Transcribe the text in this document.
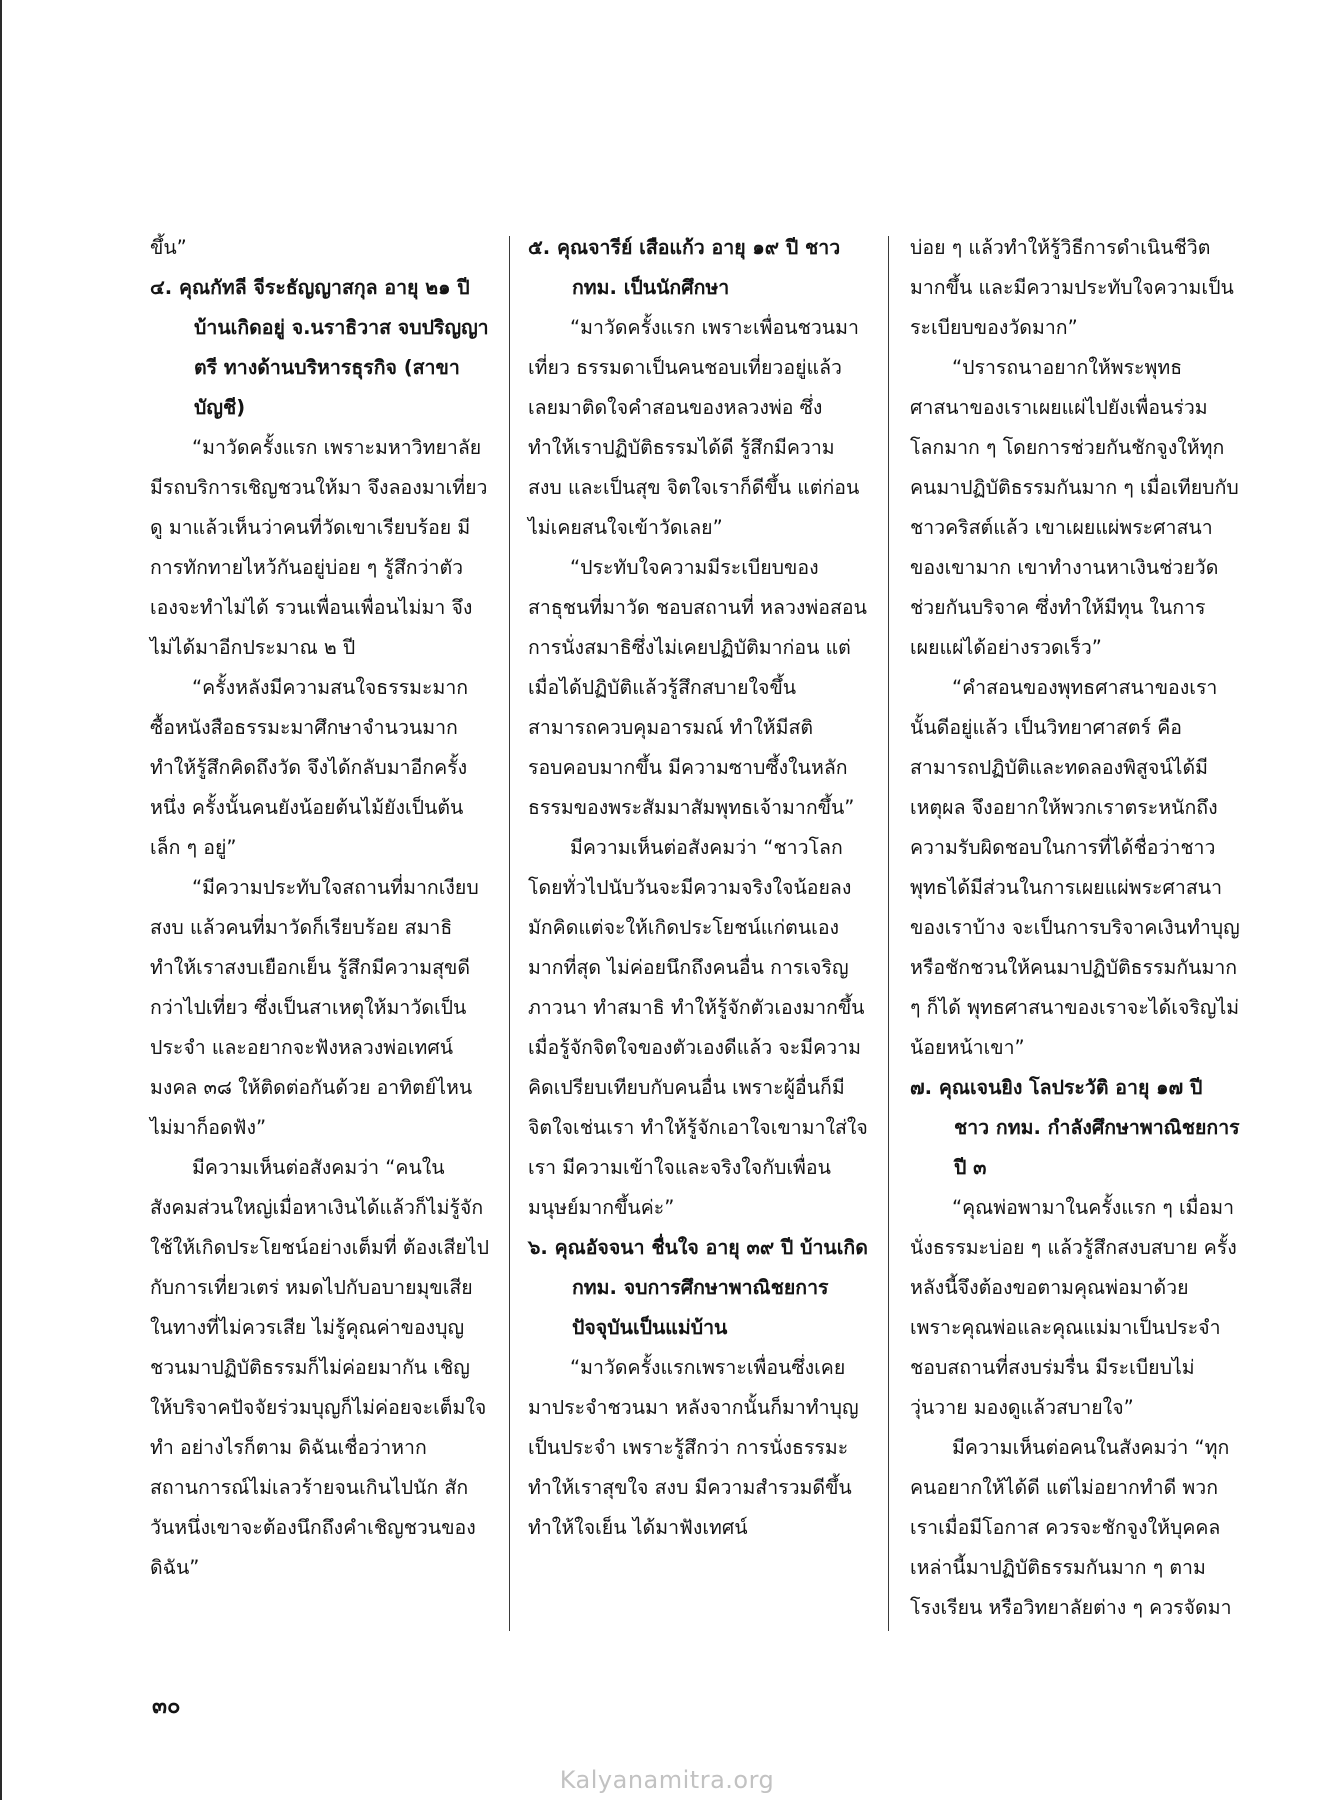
ขึ้น”

๔. คุณกัทลี จีระธัญญาสกุล อายุ ๒๑ ปี บ้านเกิดอยู่ จ.นราธิวาส จบปริญญาตรี ทางด้านบริหารธุรกิจ (สาขาบัญชี)

“มาวัดครั้งแรก เพราะมหาวิทยาลัยมีรถบริการเชิญชวนให้มา จึงลองมาเที่ยวดู มาแล้วเห็นว่าคนที่วัดเขาเรียบร้อย มีการทักทายไหว้กันอยู่บ่อย ๆ รู้สึกว่าตัวเองจะทำไม่ได้ รวนเพื่อนเพื่อนไม่มา จึงไม่ได้มาอีกประมาณ ๒ ปี

“ครั้งหลังมีความสนใจธรรมะมาก ซื้อหนังสือธรรมะมาศึกษาจำนวนมาก ทำให้รู้สึกคิดถึงวัด จึงได้กลับมาอีกครั้งหนึ่ง ครั้งนั้นคนยังน้อยต้นไม้ยังเป็นต้นเล็ก ๆ อยู่”

“มีความประทับใจสถานที่มากเงียบสงบ แล้วคนที่มาวัดก็เรียบร้อย สมาธิทำให้เราสงบเยือกเย็น รู้สึกมีความสุขดีกว่าไปเที่ยว ซึ่งเป็นสาเหตุให้มาวัดเป็นประจำ และอยากจะฟังหลวงพ่อเทศน์มงคล ๓๘ ให้ติดต่อกันด้วย อาทิตย์ไหนไม่มาก็อดฟัง”

มีความเห็นต่อสังคมว่า “คนในสังคมส่วนใหญ่เมื่อหาเงินได้แล้วก็ไม่รู้จักใช้ให้เกิดประโยชน์อย่างเต็มที่ ต้องเสียไปกับการเที่ยวเตร่ หมดไปกับอบายมุขเสียในทางที่ไม่ควรเสีย ไม่รู้คุณค่าของบุญ ชวนมาปฏิบัติธรรมก็ไม่ค่อยมากัน เชิญให้บริจาคปัจจัยร่วมบุญก็ไม่ค่อยจะเต็มใจทำ อย่างไรก็ตาม ดิฉันเชื่อว่าหากสถานการณ์ไม่เลวร้ายจนเกินไปนัก สักวันหนึ่งเขาจะต้องนึกถึงคำเชิญชวนของดิฉัน”

๕. คุณจารีย์ เสือแก้ว อายุ ๑๙ ปี ชาว กทม. เป็นนักศึกษา

“มาวัดครั้งแรก เพราะเพื่อนชวนมาเที่ยว ธรรมดาเป็นคนชอบเที่ยวอยู่แล้ว เลยมาติดใจคำสอนของหลวงพ่อ ซึ่งทำให้เราปฏิบัติธรรมได้ดี รู้สึกมีความสงบ และเป็นสุข จิตใจเราก็ดีขึ้น แต่ก่อนไม่เคยสนใจเข้าวัดเลย”

“ประทับใจความมีระเบียบของสาธุชนที่มาวัด ชอบสถานที่ หลวงพ่อสอนการนั่งสมาธิซึ่งไม่เคยปฏิบัติมาก่อน แต่เมื่อได้ปฏิบัติแล้วรู้สึกสบายใจขึ้น สามารถควบคุมอารมณ์ ทำให้มีสติรอบคอบมากขึ้น มีความซาบซึ้งในหลักธรรมของพระสัมมาสัมพุทธเจ้ามากขึ้น”

มีความเห็นต่อสังคมว่า “ชาวโลกโดยทั่วไปนับวันจะมีความจริงใจน้อยลง มักคิดแต่จะให้เกิดประโยชน์แก่ตนเองมากที่สุด ไม่ค่อยนึกถึงคนอื่น การเจริญภาวนา ทำสมาธิ ทำให้รู้จักตัวเองมากขึ้น เมื่อรู้จักจิตใจของตัวเองดีแล้ว จะมีความคิดเปรียบเทียบกับคนอื่น เพราะผู้อื่นก็มีจิตใจเช่นเรา ทำให้รู้จักเอาใจเขามาใส่ใจเรา มีความเข้าใจและจริงใจกับเพื่อนมนุษย์มากขึ้นค่ะ”

๖. คุณอัจจนา ชื่นใจ อายุ ๓๙ ปี บ้านเกิด กทม. จบการศึกษาพาณิชยการ ปัจจุบันเป็นแม่บ้าน

“มาวัดครั้งแรกเพราะเพื่อนซึ่งเคยมาประจำชวนมา หลังจากนั้นก็มาทำบุญเป็นประจำ เพราะรู้สึกว่า การนั่งธรรมะทำให้เราสุขใจ สงบ มีความสำรวมดีขึ้น ทำให้ใจเย็น ได้มาฟังเทศน์

บ่อย ๆ แล้วทำให้รู้วิธีการดำเนินชีวิตมากขึ้น และมีความประทับใจความเป็นระเบียบของวัดมาก”

“ปรารถนาอยากให้พระพุทธศาสนาของเราเผยแผ่ไปยังเพื่อนร่วมโลกมาก ๆ โดยการช่วยกันชักจูงให้ทุกคนมาปฏิบัติธรรมกันมาก ๆ เมื่อเทียบกับชาวคริสต์แล้ว เขาเผยแผ่พระศาสนาของเขามาก เขาทำงานหาเงินช่วยวัด ช่วยกันบริจาค ซึ่งทำให้มีทุน ในการเผยแผ่ได้อย่างรวดเร็ว”

“คำสอนของพุทธศาสนาของเรานั้นดีอยู่แล้ว เป็นวิทยาศาสตร์ คือสามารถปฏิบัติและทดลองพิสูจน์ได้มีเหตุผล จึงอยากให้พวกเราตระหนักถึงความรับผิดชอบในการที่ได้ชื่อว่าชาวพุทธได้มีส่วนในการเผยแผ่พระศาสนาของเราบ้าง จะเป็นการบริจาคเงินทำบุญหรือชักชวนให้คนมาปฏิบัติธรรมกันมาก ๆ ก็ได้ พุทธศาสนาของเราจะได้เจริญไม่น้อยหน้าเขา”

๗. คุณเจนยิง โลประวัติ อายุ ๑๗ ปี ชาว กทม. กำลังศึกษาพาณิชยการ ปี ๓

“คุณพ่อพามาในครั้งแรก ๆ เมื่อมานั่งธรรมะบ่อย ๆ แล้วรู้สึกสงบสบาย ครั้งหลังนี้จึงต้องขอตามคุณพ่อมาด้วย เพราะคุณพ่อและคุณแม่มาเป็นประจำ ชอบสถานที่สงบร่มรื่น มีระเบียบไม่วุ่นวาย มองดูแล้วสบายใจ”

มีความเห็นต่อคนในสังคมว่า “ทุกคนอยากให้ได้ดี แต่ไม่อยากทำดี พวกเราเมื่อมีโอกาส ควรจะชักจูงให้บุคคลเหล่านี้มาปฏิบัติธรรมกันมาก ๆ ตามโรงเรียน หรือวิทยาลัยต่าง ๆ ควรจัดมา

๓๐
Kalyanamitra.org
